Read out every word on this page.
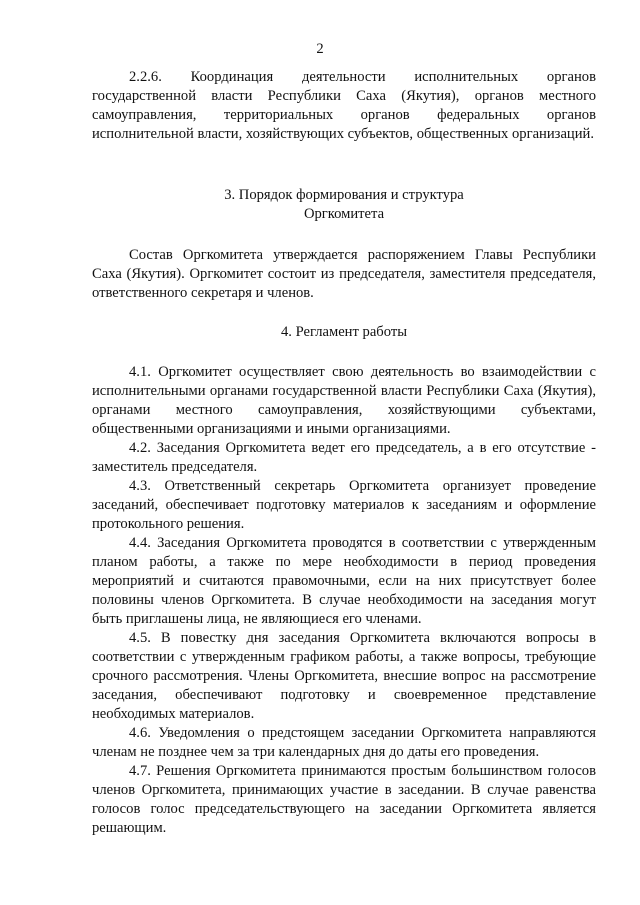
2

2.2.6. Координация деятельности исполнительных органов государственной власти Республики Саха (Якутия), органов местного самоуправления, территориальных органов федеральных органов исполнительной власти, хозяйствующих субъектов, общественных организаций.

3. Порядок формирования и структура

Оргкомитета

Состав Оргкомитета утверждается распоряжением Главы Республики Саха (Якутия). Оргкомитет состоит из председателя, заместителя председателя, ответственного секретаря и членов.

4. Регламент работы

4.1. Оргкомитет осуществляет свою деятельность во взаимодействии с исполнительными органами государственной власти Республики Саха (Якутия), органами местного самоуправления, хозяйствующими субъектами, общественными организациями и иными организациями.

4.2. Заседания Оргкомитета ведет его председатель, а в его отсутствие - заместитель председателя.

4.3. Ответственный секретарь Оргкомитета организует проведение заседаний, обеспечивает подготовку материалов к заседаниям и оформление протокольного решения.

4.4. Заседания Оргкомитета проводятся в соответствии с утвержденным планом работы, а также по мере необходимости в период проведения мероприятий и считаются правомочными, если на них присутствует более половины членов Оргкомитета. В случае необходимости на заседания могут быть приглашены лица, не являющиеся его членами.

4.5. В повестку дня заседания Оргкомитета включаются вопросы в соответствии с утвержденным графиком работы, а также вопросы, требующие срочного рассмотрения. Члены Оргкомитета, внесшие вопрос на рассмотрение заседания, обеспечивают подготовку и своевременное представление необходимых материалов.

4.6. Уведомления о предстоящем заседании Оргкомитета направляются членам не позднее чем за три календарных дня до даты его проведения.

4.7. Решения Оргкомитета принимаются простым большинством голосов членов Оргкомитета, принимающих участие в заседании. В случае равенства голосов голос председательствующего на заседании Оргкомитета является решающим.
